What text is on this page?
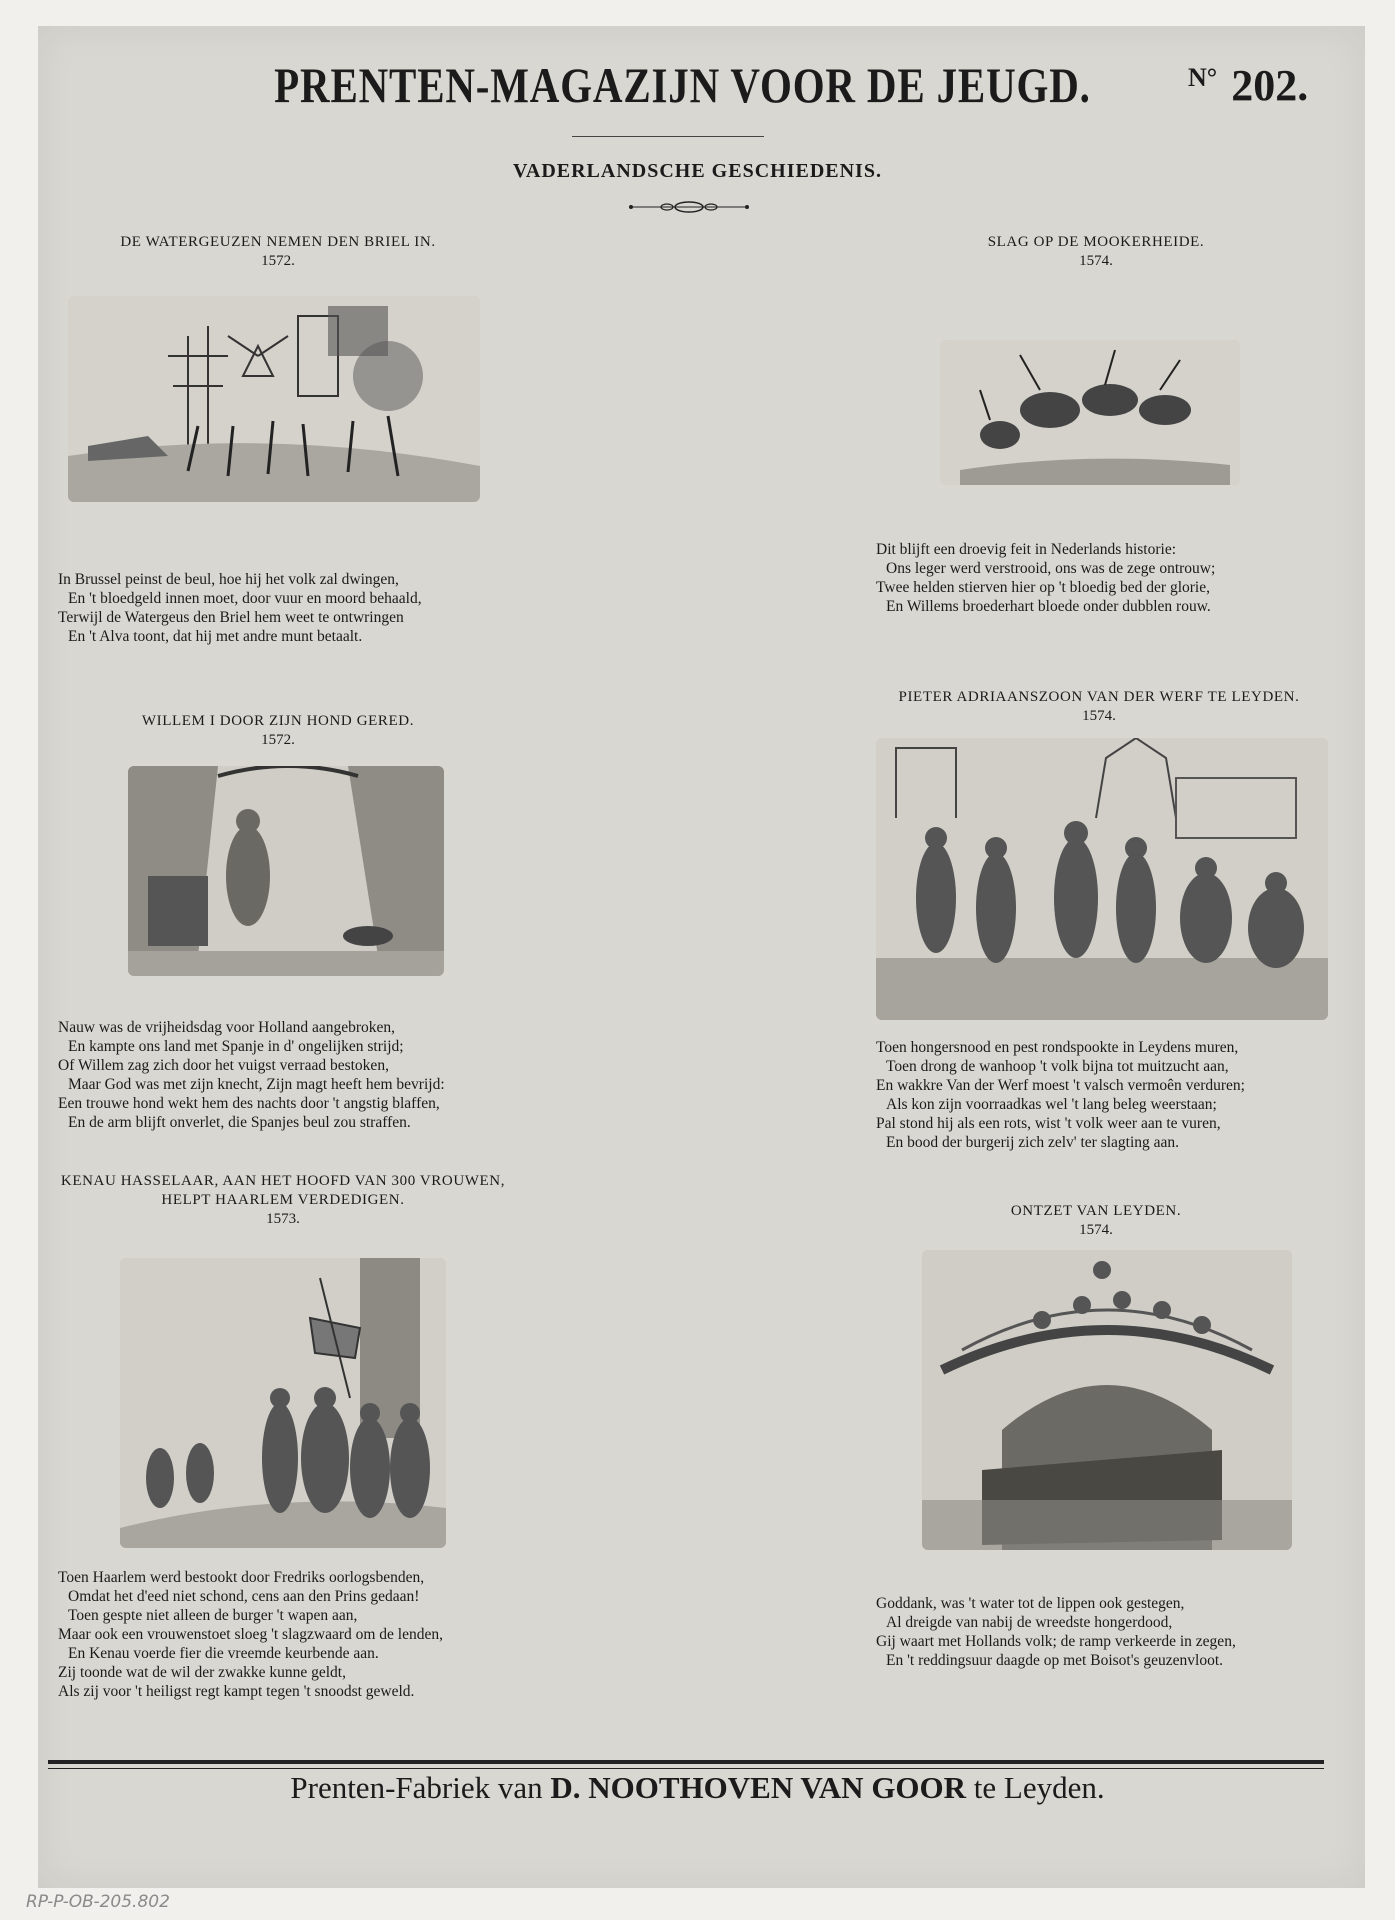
PRENTEN-MAGAZIJN VOOR DE JEUGD.	$^{N^\circ}$ 202.
VADERLANDSCHE GESCHIEDENIS.
DE WATERGEUZEN NEMEN DEN BRIEL IN.
1572.
In Brussel peinst de beul, hoe hij het volk zal dwingen,
En 't bloedgeld innen moet, door vuur en moord behaald,
Terwijl de Watergeus den Briel hem weet te ontwringen
En 't Alva toont, dat hij met andre munt betaalt.
SLAG OP DE MOOKERHEIDE.
1574.
Dit blijft een droevig feit in Nederlands historie:
Ons leger werd verstrooid, ons was de zege ontrouw;
Twee helden stierven hier op 't bloedig bed der glorie,
En Willems broederhart bloede onder dubblen rouw.
WILLEM I DOOR ZIJN HOND GERED.
1572.
Nauw was de vrijheidsdag voor Holland aangebroken,
En kampte ons land met Spanje in d' ongelijken strijd;
Of Willem zag zich door het vuigst verraad bestoken,
Maar God was met zijn knecht, Zijn magt heeft hem bevrijd:
Een trouwe hond wekt hem des nachts door 't angstig blaffen,
En de arm blijft onverlet, die Spanjes beul zou straffen.
PIETER ADRIAANSZOON VAN DER WERF TE LEYDEN.
1574.
Toen hongersnood en pest rondspookte in Leydens muren,
Toen drong de wanhoop 't volk bijna tot muitzucht aan,
En wakkre Van der Werf moest 't valsch vermoên verduren;
Als kon zijn voorraadkas wel 't lang beleg weerstaan;
Pal stond hij als een rots, wist 't volk weer aan te vuren,
En bood der burgerij zich zelv' ter slagting aan.
KENAU HASSELAAR, AAN HET HOOFD VAN 300 VROUWEN,
HELPT HAARLEM VERDEDIGEN.
1573.
Toen Haarlem werd bestookt door Fredriks oorlogsbenden,
Omdat het d'eed niet schond, cens aan den Prins gedaan!
Toen gespte niet alleen de burger 't wapen aan,
Maar ook een vrouwenstoet sloeg 't slagzwaard om de lenden,
En Kenau voerde fier die vreemde keurbende aan.
Zij toonde wat de wil der zwakke kunne geldt,
Als zij voor 't heiligst regt kampt tegen 't snoodst geweld.
ONTZET VAN LEYDEN.
1574.
Goddank, was 't water tot de lippen ook gestegen,
Al dreigde van nabij de wreedste hongerdood,
Gij waart met Hollands volk; de ramp verkeerde in zegen,
En 't reddingsuur daagde op met Boisot's geuzenvloot.
Prenten-Fabriek van D. NOOTHOVEN VAN GOOR te Leyden.
RP-P-OB-205.802
